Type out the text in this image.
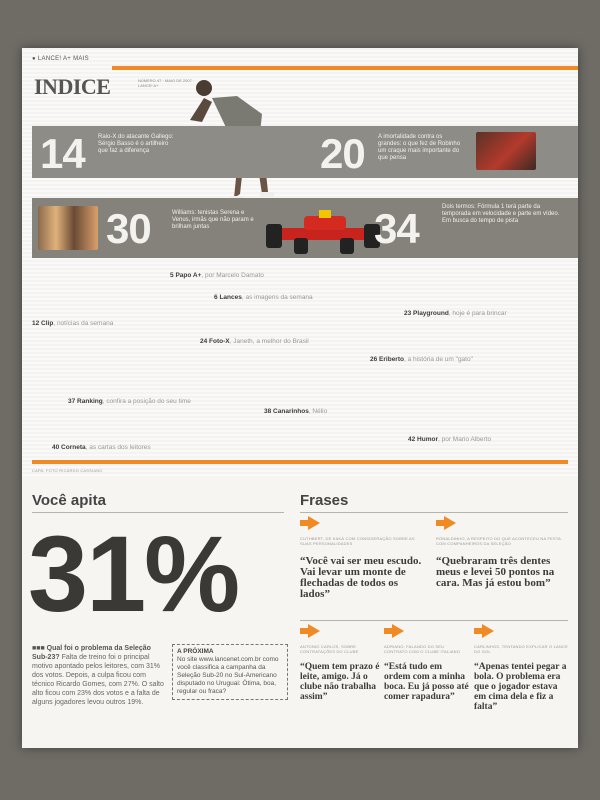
● LANCE! A+ MAIS
INDICE	NÚMERO 47 · MAIO DE 2007 · LANCE! A+
14 Raio-X do atacante Gallego: Sérgio Basso é o artilheiro que faz a diferença	20 A imortalidade contra os grandes: o que fez de Robinho um craque mais importante do que pensa
30	Williams: tenistas Serena e Venus, irmãs que não param e brilham juntas	34	Dois termos: Fórmula 1 terá parte da temporada em velocidade e parte em vídeo. Em busca do tempo de pista
5 Papo A+, por Marcelo Damato
6 Lances, as imagens da semana
23 Playground, hoje é para brincar
12 Clip, notícias da semana
24 Foto-X, Janeth, a melhor do Brasil
26 Eriberto, a história de um "gato"
37 Ranking, confira a posição do seu time
38 Canarinhos, Nélio
40 Corneta, as cartas dos leitores
42 Humor, por Mario Alberto
CAPA: FOTO RICARDO CASSIANO
Você apita
31%
■■■ Qual foi o problema da Seleção Sub-23? Falta de treino foi o principal motivo apontado pelos leitores, com 31% dos votos. Depois, a culpa ficou com técnico Ricardo Gomes, com 27%. O salto alto ficou com 23% dos votos e a falta de alguns jogadores levou outros 19%.
A PRÓXIMA
No site www.lancenet.com.br como você classifica a campanha da Seleção Sub-20 no Sul-Americano disputado no Uruguai: Ótima, boa, regular ou fraca?
Frases
CUTHBERT, DE KAKÁ COM CONSIDERAÇÃO SOBRE AS SUAS PERSONALIDADES
“Você vai ser meu escudo. Vai levar um monte de flechadas de todos os lados”
RONALDINHO, A RESPEITO DO QUE ACONTECEU NA FESTA COM COMPANHEIROS DA SELEÇÃO
“Quebraram três dentes meus e levei 50 pontos na cara. Mas já estou bom”
ANTONIO CARLOS, SOBRE CONTRATAÇÕES DO CLUBE
“Quem tem prazo é leite, amigo. Já o clube não trabalha assim”
ADRIANO, FALANDO DO SEU CONTRATO COM O CLUBE ITALIANO
“Está tudo em ordem com a minha boca. Eu já posso até comer rapadura”
CARLINHOS, TENTANDO EXPLICAR O LANCE DO GOL
“Apenas tentei pegar a bola. O problema era que o jogador estava em cima dela e fiz a falta”
